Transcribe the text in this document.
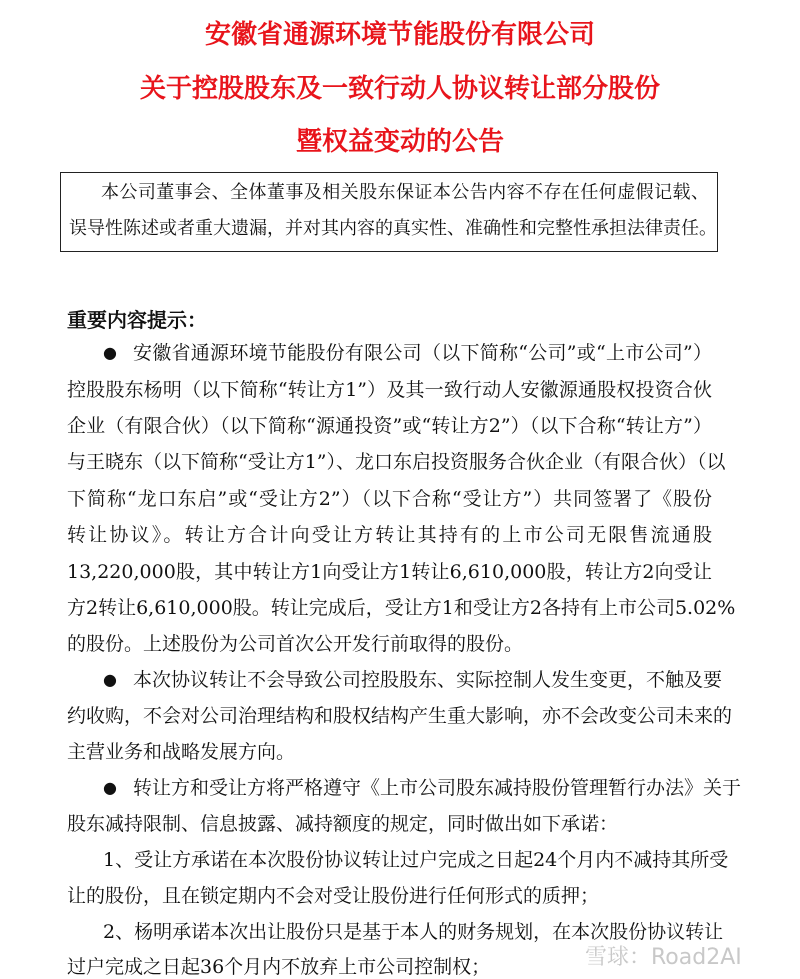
安徽省通源环境节能股份有限公司
关于控股股东及一致行动人协议转让部分股份
暨权益变动的公告
本公司董事会、全体董事及相关股东保证本公告内容不存在任何虚假记载、
误导性陈述或者重大遗漏，并对其内容的真实性、准确性和完整性承担法律责任。
重要内容提示：
● 安徽省通源环境节能股份有限公司（以下简称“公司”或“上市公司”）
控股股东杨明（以下简称“转让方1”）及其一致行动人安徽源通股权投资合伙
企业（有限合伙）（以下简称“源通投资”或“转让方2”）（以下合称“转让方”）
与王晓东（以下简称“受让方1”）、龙口东启投资服务合伙企业（有限合伙）（以
下简称“龙口东启”或“受让方2”）（以下合称“受让方”）共同签署了《股份
转让协议》。转让方合计向受让方转让其持有的上市公司无限售流通股
13,220,000股，其中转让方1向受让方1转让6,610,000股，转让方2向受让
方2转让6,610,000股。转让完成后，受让方1和受让方2各持有上市公司5.02%
的股份。上述股份为公司首次公开发行前取得的股份。
● 本次协议转让不会导致公司控股股东、实际控制人发生变更，不触及要
约收购，不会对公司治理结构和股权结构产生重大影响，亦不会改变公司未来的
主营业务和战略发展方向。
● 转让方和受让方将严格遵守《上市公司股东减持股份管理暂行办法》关于
股东减持限制、信息披露、减持额度的规定，同时做出如下承诺：
1、受让方承诺在本次股份协议转让过户完成之日起24个月内不减持其所受
让的股份，且在锁定期内不会对受让股份进行任何形式的质押；
2、杨明承诺本次出让股份只是基于本人的财务规划，在本次股份协议转让
过户完成之日起36个月内不放弃上市公司控制权；	雪球：Road2AI
